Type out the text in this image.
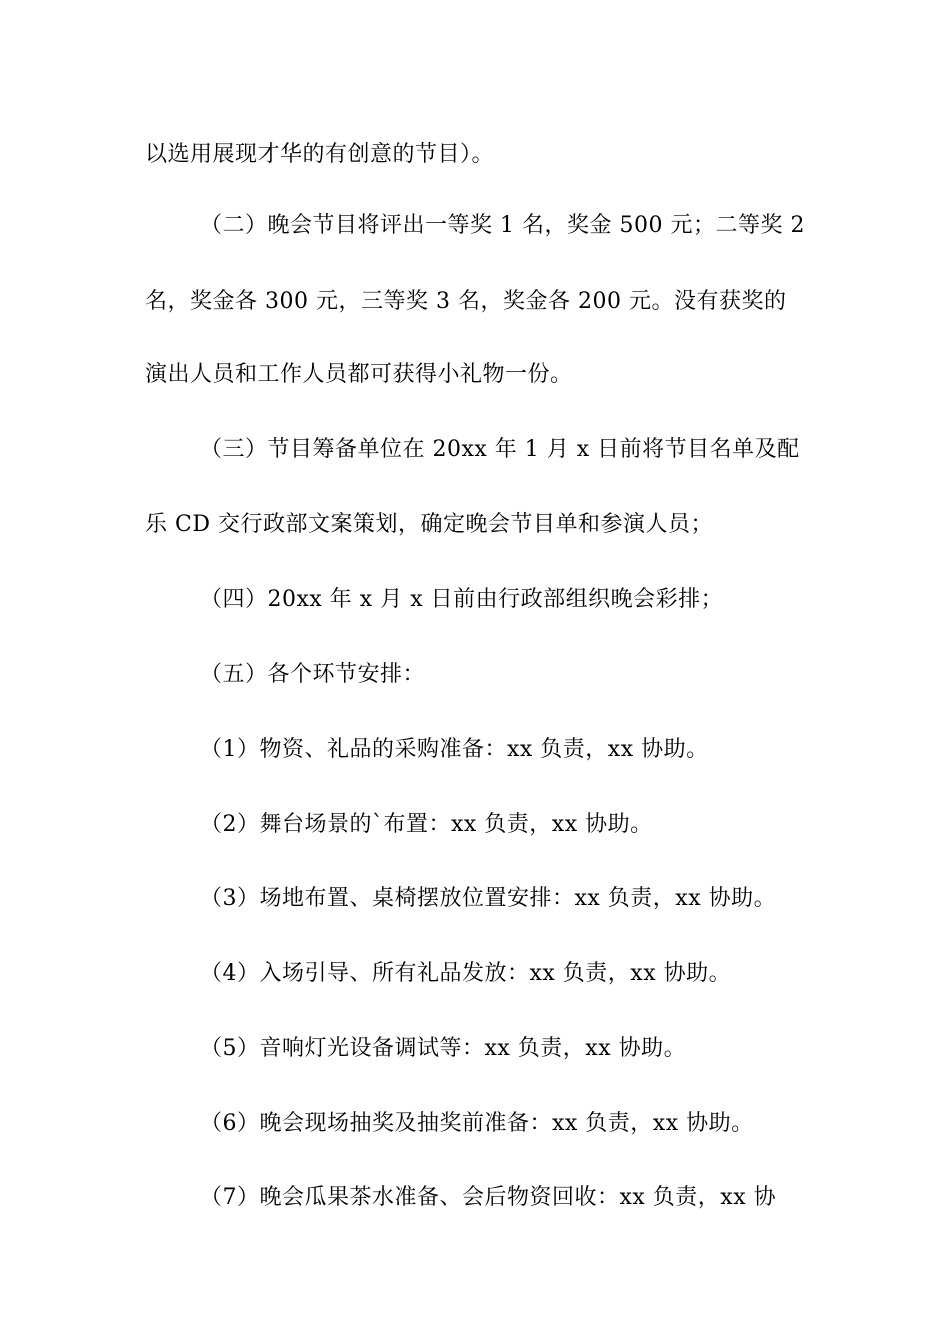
以选用展现才华的有创意的节目）。
（二）晚会节目将评出一等奖 1 名，奖金 500 元；二等奖 2
名，奖金各 300 元，三等奖 3 名，奖金各 200 元。没有获奖的
演出人员和工作人员都可获得小礼物一份。
（三）节目筹备单位在 20xx 年 1 月 x 日前将节目名单及配
乐 CD 交行政部文案策划，确定晚会节目单和参演人员；
（四）20xx 年 x 月 x 日前由行政部组织晚会彩排；
（五）各个环节安排：
（1）物资、礼品的采购准备：xx 负责，xx 协助。
（2）舞台场景的`布置：xx 负责，xx 协助。
（3）场地布置、桌椅摆放位置安排：xx 负责，xx 协助。
（4）入场引导、所有礼品发放：xx 负责，xx 协助。
（5）音响灯光设备调试等：xx 负责，xx 协助。
（6）晚会现场抽奖及抽奖前准备：xx 负责，xx 协助。
（7）晚会瓜果茶水准备、会后物资回收：xx 负责，xx 协
